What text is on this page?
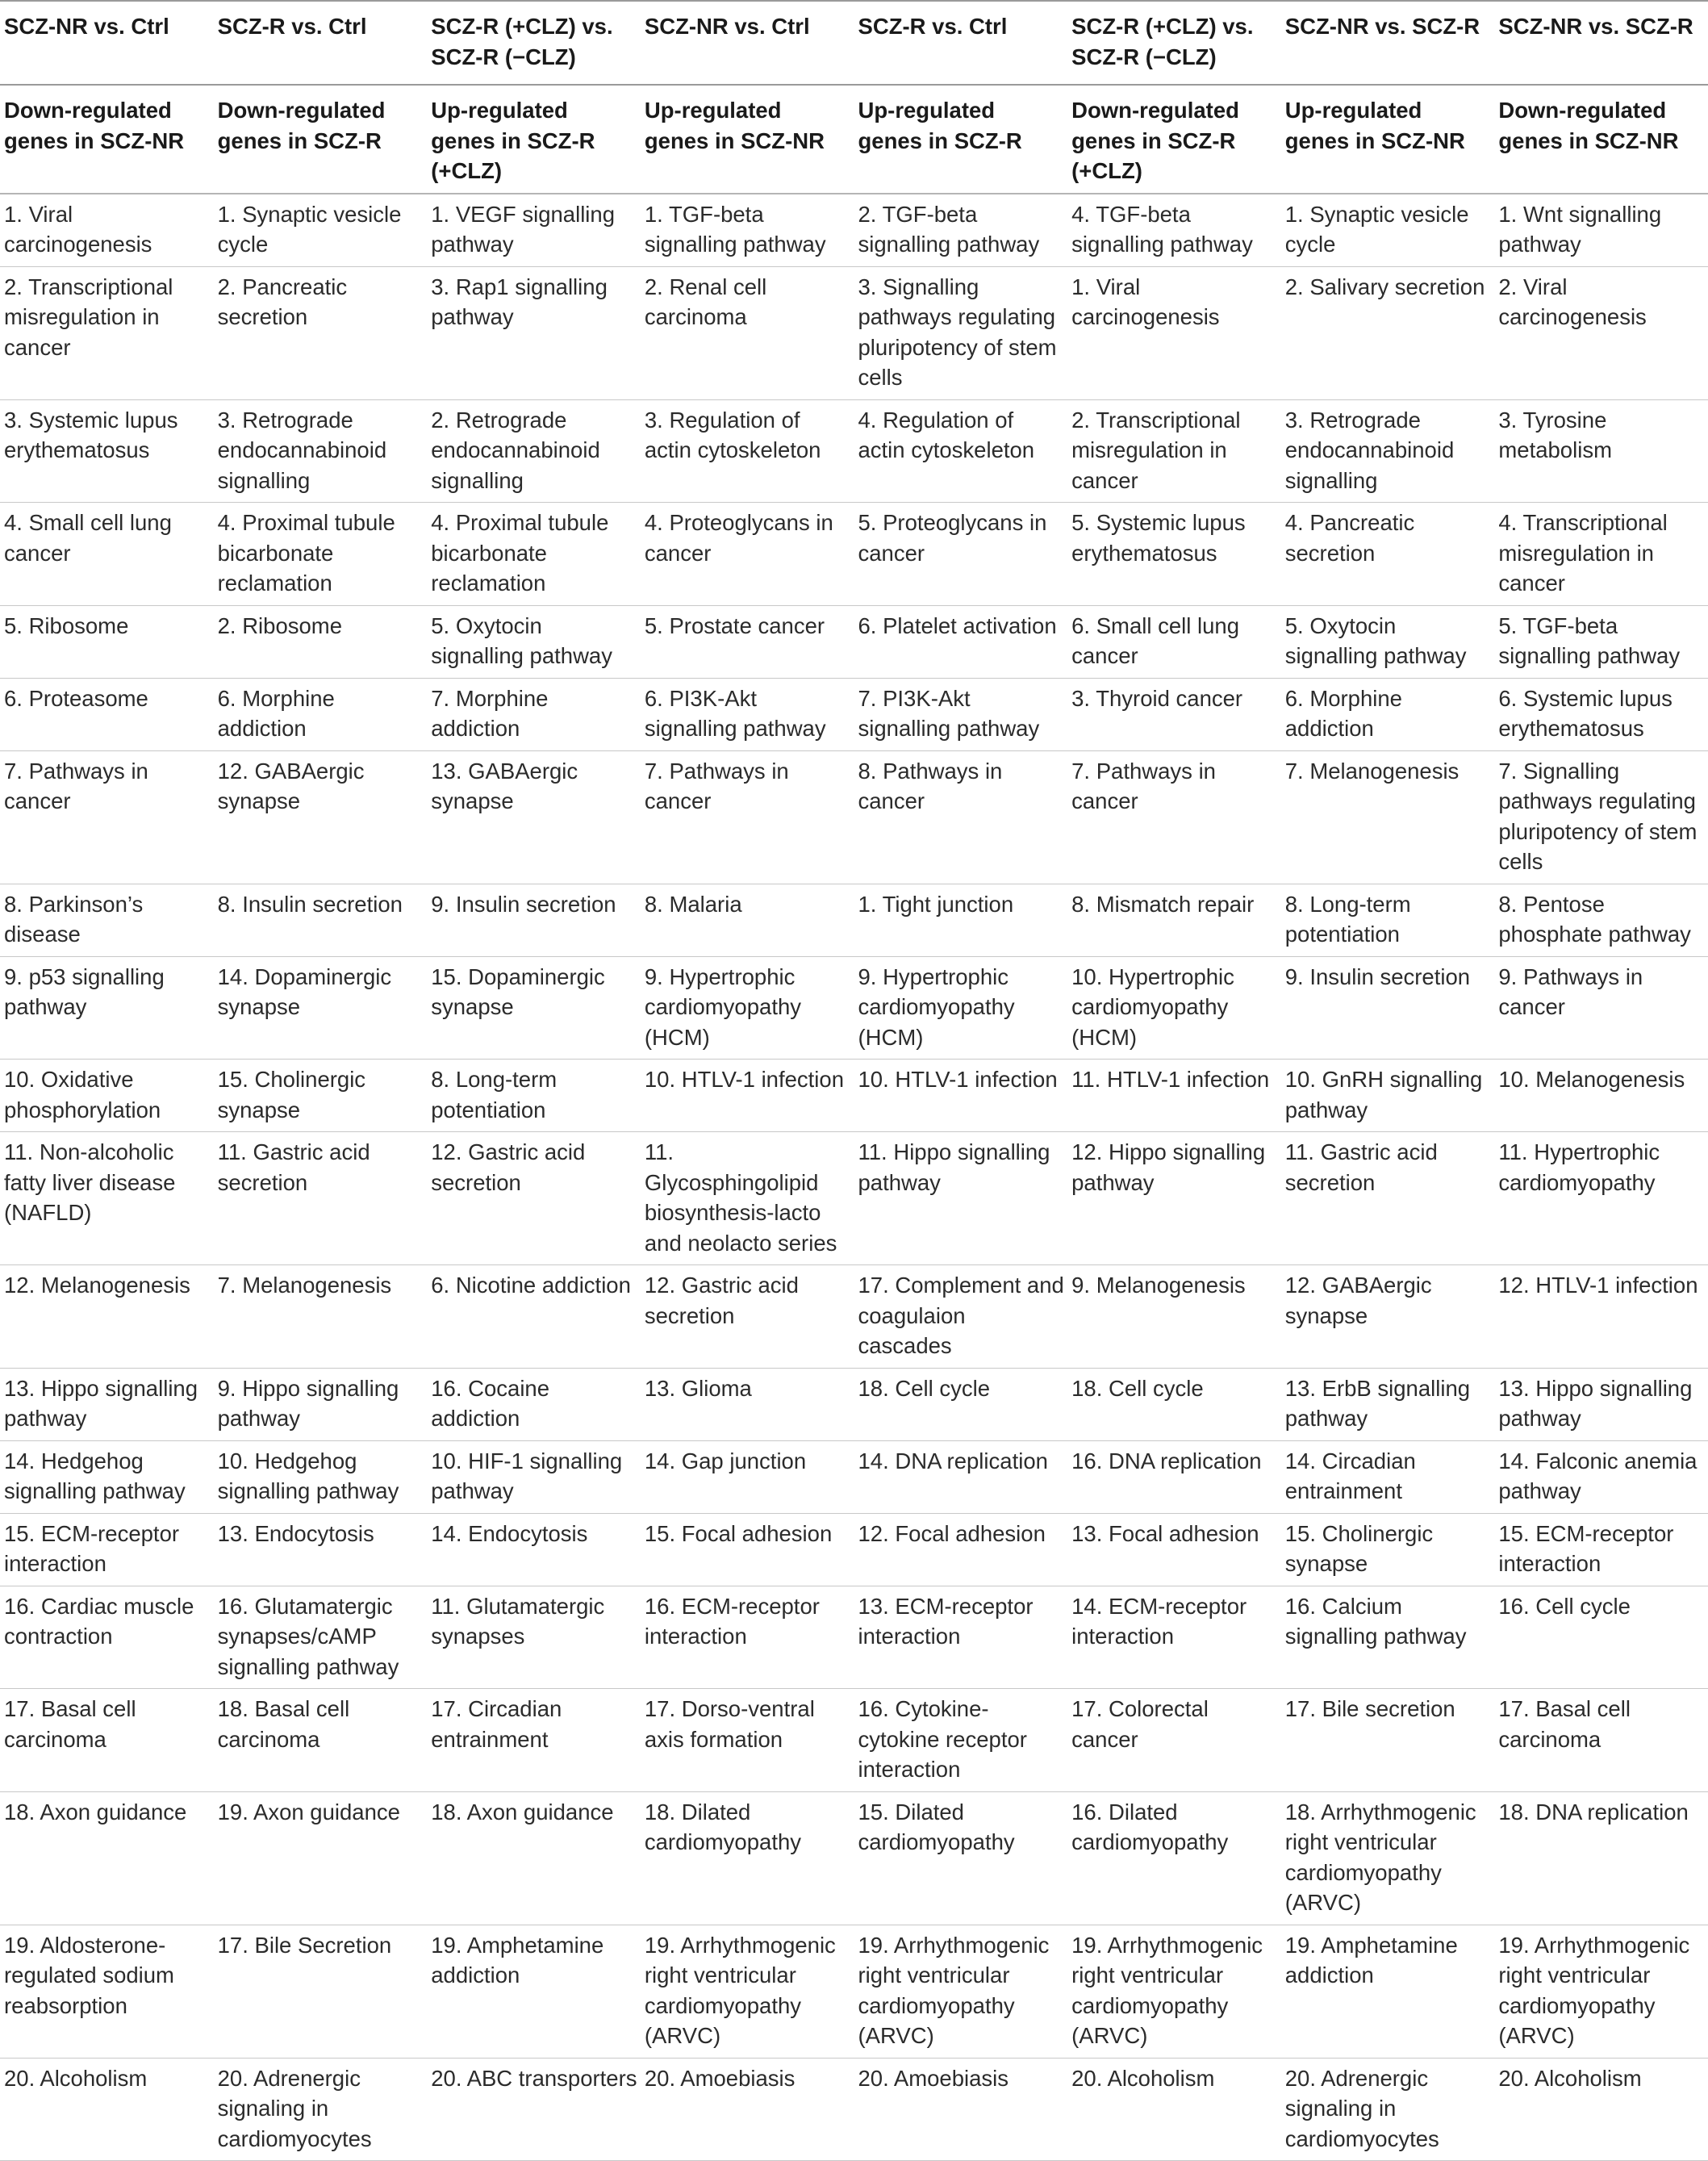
SCZ-NR vs. Ctrl	SCZ-R vs. Ctrl	SCZ-R (+CLZ) vs. SCZ-R (−CLZ)	SCZ-NR vs. Ctrl	SCZ-R vs. Ctrl	SCZ-R (+CLZ) vs. SCZ-R (−CLZ)	SCZ-NR vs. SCZ-R	SCZ-NR vs. SCZ-R
Down-regulated genes in SCZ-NR	Down-regulated genes in SCZ-R	Up-regulated genes in SCZ-R (+CLZ)	Up-regulated genes in SCZ-NR	Up-regulated genes in SCZ-R	Down-regulated genes in SCZ-R (+CLZ)	Up-regulated genes in SCZ-NR	Down-regulated genes in SCZ-NR
1. Viral carcinogenesis	1. Synaptic vesicle cycle	1. VEGF signalling pathway	1. TGF-beta signalling pathway	2. TGF-beta signalling pathway	4. TGF-beta signalling pathway	1. Synaptic vesicle cycle	1. Wnt signalling pathway
2. Transcriptional misregulation in cancer	2. Pancreatic secretion	3. Rap1 signalling pathway	2. Renal cell carcinoma	3. Signalling pathways regulating pluripotency of stem cells	1. Viral carcinogenesis	2. Salivary secretion	2. Viral carcinogenesis
3. Systemic lupus erythematosus	3. Retrograde endocannabinoid signalling	2. Retrograde endocannabinoid signalling	3. Regulation of actin cytoskeleton	4. Regulation of actin cytoskeleton	2. Transcriptional misregulation in cancer	3. Retrograde endocannabinoid signalling	3. Tyrosine metabolism
4. Small cell lung cancer	4. Proximal tubule bicarbonate reclamation	4. Proximal tubule bicarbonate reclamation	4. Proteoglycans in cancer	5. Proteoglycans in cancer	5. Systemic lupus erythematosus	4. Pancreatic secretion	4. Transcriptional misregulation in cancer
5. Ribosome	2. Ribosome	5. Oxytocin signalling pathway	5. Prostate cancer	6. Platelet activation	6. Small cell lung cancer	5. Oxytocin signalling pathway	5. TGF-beta signalling pathway
6. Proteasome	6. Morphine addiction	7. Morphine addiction	6. PI3K-Akt signalling pathway	7. PI3K-Akt signalling pathway	3. Thyroid cancer	6. Morphine addiction	6. Systemic lupus erythematosus
7. Pathways in cancer	12. GABAergic synapse	13. GABAergic synapse	7. Pathways in cancer	8. Pathways in cancer	7. Pathways in cancer	7. Melanogenesis	7. Signalling pathways regulating pluripotency of stem cells
8. Parkinson’s disease	8. Insulin secretion	9. Insulin secretion	8. Malaria	1. Tight junction	8. Mismatch repair	8. Long-term potentiation	8. Pentose phosphate pathway
9. p53 signalling pathway	14. Dopaminergic synapse	15. Dopaminergic synapse	9. Hypertrophic cardiomyopathy (HCM)	9. Hypertrophic cardiomyopathy (HCM)	10. Hypertrophic cardiomyopathy (HCM)	9. Insulin secretion	9. Pathways in cancer
10. Oxidative phosphorylation	15. Cholinergic synapse	8. Long-term potentiation	10. HTLV-1 infection	10. HTLV-1 infection	11. HTLV-1 infection	10. GnRH signalling pathway	10. Melanogenesis
11. Non-alcoholic fatty liver disease (NAFLD)	11. Gastric acid secretion	12. Gastric acid secretion	11. Glycosphingolipid biosynthesis-lacto and neolacto series	11. Hippo signalling pathway	12. Hippo signalling pathway	11. Gastric acid secretion	11. Hypertrophic cardiomyopathy
12. Melanogenesis	7. Melanogenesis	6. Nicotine addiction	12. Gastric acid secretion	17. Complement and coagulaion cascades	9. Melanogenesis	12. GABAergic synapse	12. HTLV-1 infection
13. Hippo signalling pathway	9. Hippo signalling pathway	16. Cocaine addiction	13. Glioma	18. Cell cycle	18. Cell cycle	13. ErbB signalling pathway	13. Hippo signalling pathway
14. Hedgehog signalling pathway	10. Hedgehog signalling pathway	10. HIF-1 signalling pathway	14. Gap junction	14. DNA replication	16. DNA replication	14. Circadian entrainment	14. Falconic anemia pathway
15. ECM-receptor interaction	13. Endocytosis	14. Endocytosis	15. Focal adhesion	12. Focal adhesion	13. Focal adhesion	15. Cholinergic synapse	15. ECM-receptor interaction
16. Cardiac muscle contraction	16. Glutamatergic synapses/cAMP signalling pathway	11. Glutamatergic synapses	16. ECM-receptor interaction	13. ECM-receptor interaction	14. ECM-receptor interaction	16. Calcium signalling pathway	16. Cell cycle
17. Basal cell carcinoma	18. Basal cell carcinoma	17. Circadian entrainment	17. Dorso-ventral axis formation	16. Cytokine-cytokine receptor interaction	17. Colorectal cancer	17. Bile secretion	17. Basal cell carcinoma
18. Axon guidance	19. Axon guidance	18. Axon guidance	18. Dilated cardiomyopathy	15. Dilated cardiomyopathy	16. Dilated cardiomyopathy	18. Arrhythmogenic right ventricular cardiomyopathy (ARVC)	18. DNA replication
19. Aldosterone-regulated sodium reabsorption	17. Bile Secretion	19. Amphetamine addiction	19. Arrhythmogenic right ventricular cardiomyopathy (ARVC)	19. Arrhythmogenic right ventricular cardiomyopathy (ARVC)	19. Arrhythmogenic right ventricular cardiomyopathy (ARVC)	19. Amphetamine addiction	19. Arrhythmogenic right ventricular cardiomyopathy (ARVC)
20. Alcoholism	20. Adrenergic signaling in cardiomyocytes	20. ABC transporters	20. Amoebiasis	20. Amoebiasis	20. Alcoholism	20. Adrenergic signaling in cardiomyocytes	20. Alcoholism
